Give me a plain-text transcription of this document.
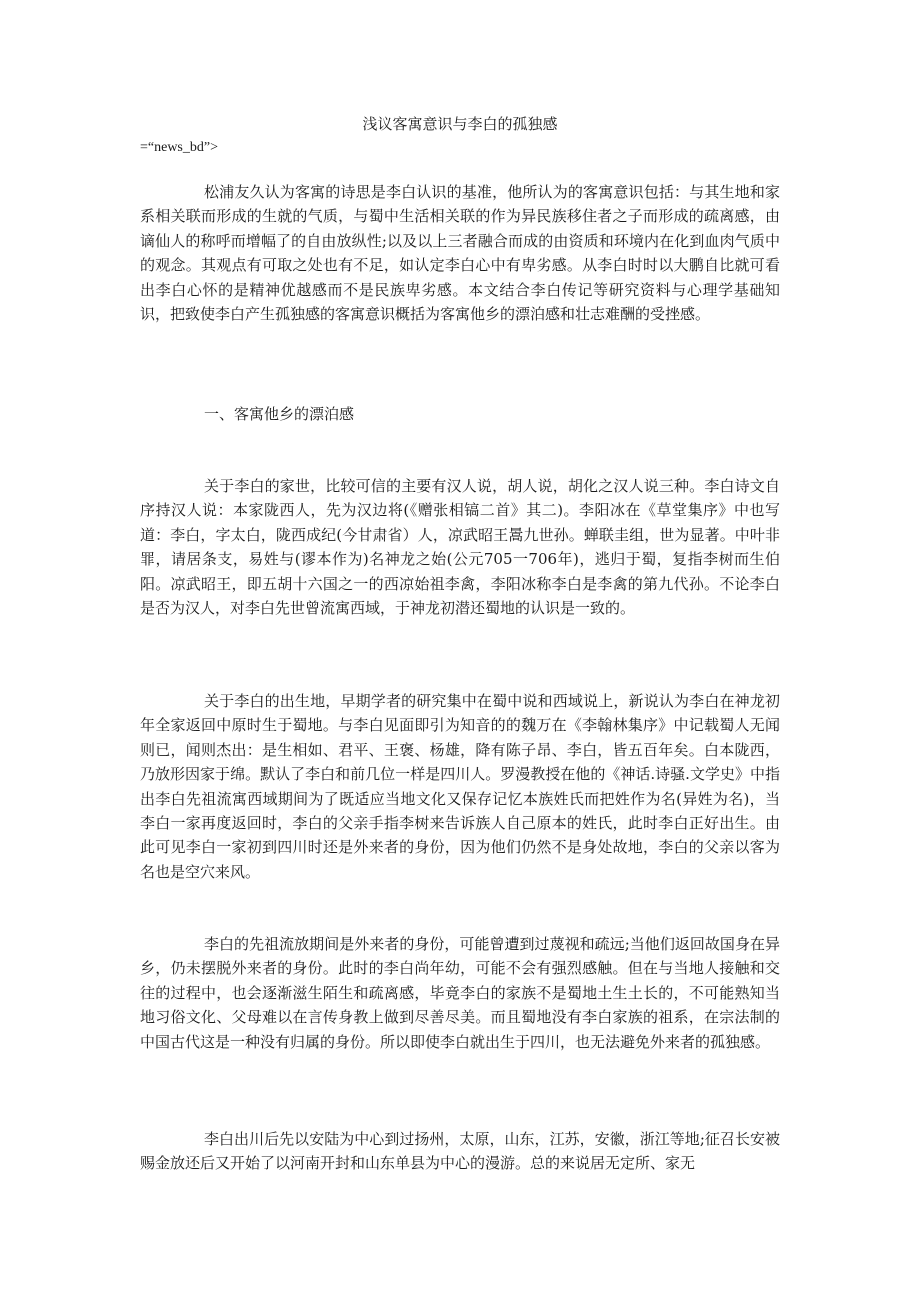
浅议客寓意识与李白的孤独感
=“news_bd”>

松浦友久认为客寓的诗思是李白认识的基准，他所认为的客寓意识包括：与其生地和家系相关联而形成的生就的气质，与蜀中生活相关联的作为异民族移住者之子而形成的疏离感，由谪仙人的称呼而增幅了的自由放纵性;以及以上三者融合而成的由资质和环境内在化到血肉气质中的观念。其观点有可取之处也有不足，如认定李白心中有卑劣感。从李白时时以大鹏自比就可看出李白心怀的是精神优越感而不是民族卑劣感。本文结合李白传记等研究资料与心理学基础知识，把致使李白产生孤独感的客寓意识概括为客寓他乡的漂泊感和壮志难酬的受挫感。

一、客寓他乡的漂泊感

关于李白的家世，比较可信的主要有汉人说，胡人说，胡化之汉人说三种。李白诗文自序持汉人说：本家陇西人，先为汉边将(《赠张相镐二首》其二)。李阳冰在《草堂集序》中也写道：李白，字太白，陇西成纪(今甘肃省）人，凉武昭王暠九世孙。蝉联圭组，世为显著。中叶非罪，请居条支，易姓与(谬本作为)名神龙之始(公元705一706年)，逃归于蜀，复指李树而生伯阳。凉武昭王，即五胡十六国之一的西凉始祖李禽，李阳冰称李白是李禽的第九代孙。不论李白是否为汉人，对李白先世曾流寓西域，于神龙初潜还蜀地的认识是一致的。

关于李白的出生地，早期学者的研究集中在蜀中说和西域说上，新说认为李白在神龙初年全家返回中原时生于蜀地。与李白见面即引为知音的的魏万在《李翰林集序》中记载蜀人无闻则已，闻则杰出：是生相如、君平、王褒、杨雄，降有陈子昂、李白，皆五百年矣。白本陇西，乃放形因家于绵。默认了李白和前几位一样是四川人。罗漫教授在他的《神话.诗骚.文学史》中指出李白先祖流寓西域期间为了既适应当地文化又保存记忆本族姓氏而把姓作为名(异姓为名)，当李白一家再度返回时，李白的父亲手指李树来告诉族人自己原本的姓氏，此时李白正好出生。由此可见李白一家初到四川时还是外来者的身份，因为他们仍然不是身处故地，李白的父亲以客为名也是空穴来风。

李白的先祖流放期间是外来者的身份，可能曾遭到过蔑视和疏远;当他们返回故国身在异乡，仍未摆脱外来者的身份。此时的李白尚年幼，可能不会有强烈感触。但在与当地人接触和交往的过程中，也会逐渐滋生陌生和疏离感，毕竟李白的家族不是蜀地土生土长的，不可能熟知当地习俗文化、父母难以在言传身教上做到尽善尽美。而且蜀地没有李白家族的祖系，在宗法制的中国古代这是一种没有归属的身份。所以即使李白就出生于四川，也无法避免外来者的孤独感。

李白出川后先以安陆为中心到过扬州，太原，山东，江苏，安徽，浙江等地;征召长安被赐金放还后又开始了以河南开封和山东单县为中心的漫游。总的来说居无定所、家无
